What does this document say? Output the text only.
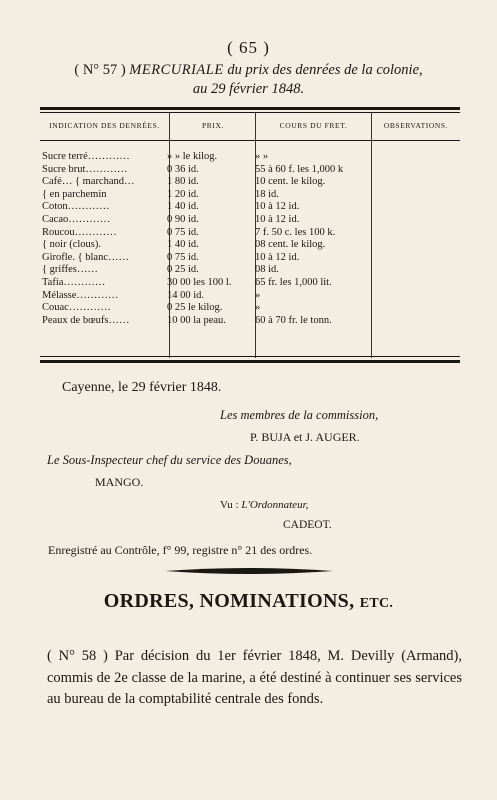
( 65 )
( N° 57 ) MERCURIALE du prix des denrées de la colonie,
au 29 février 1848.
INDICATION DES DENRÉES.	PRIX.	COURS DU FRET.	OBSERVATIONS.
Sucre terré…………	» » le kilog.	» »
Sucre brut…………	0 36 id.	55 à 60 f. les 1,000 k
Café… { marchand…	1 80 id.	10 cent. le kilog.
{ en parchemin	1 20 id.	18 id.
Coton…………	1 40 id.	10 à 12 id.
Cacao…………	0 90 id.	10 à 12 id.
Roucou…………	0 75 id.	7 f. 50 c. les 100 k.
{ noir (clous).	1 40 id.	08 cent. le kilog.
Girofle. { blanc……	0 75 id.	10 à 12 id.
{ griffes……	0 25 id.	08 id.
Tafia…………	30 00 les 100 l.	65 fr. les 1,000 lit.
Mélasse…………	14 00 id.	»
Couac…………	0 25 le kilog.	»
Peaux de bœufs……	10 00 la peau.	60 à 70 fr. le tonn.
Cayenne, le 29 février 1848.
Les membres de la commission,
P. BUJA et J. AUGER.
Le Sous-Inspecteur chef du service des Douanes,
MANGO.
Vu : L'Ordonnateur,
CADEOT.
Enregistré au Contrôle, f° 99, registre n° 21 des ordres.
ORDRES, NOMINATIONS, ETC.
( N° 58 ) Par décision du 1er février 1848, M. Devilly (Armand), commis de 2e classe de la marine, a été destiné à continuer ses services au bureau de la comptabilité centrale des fonds.
